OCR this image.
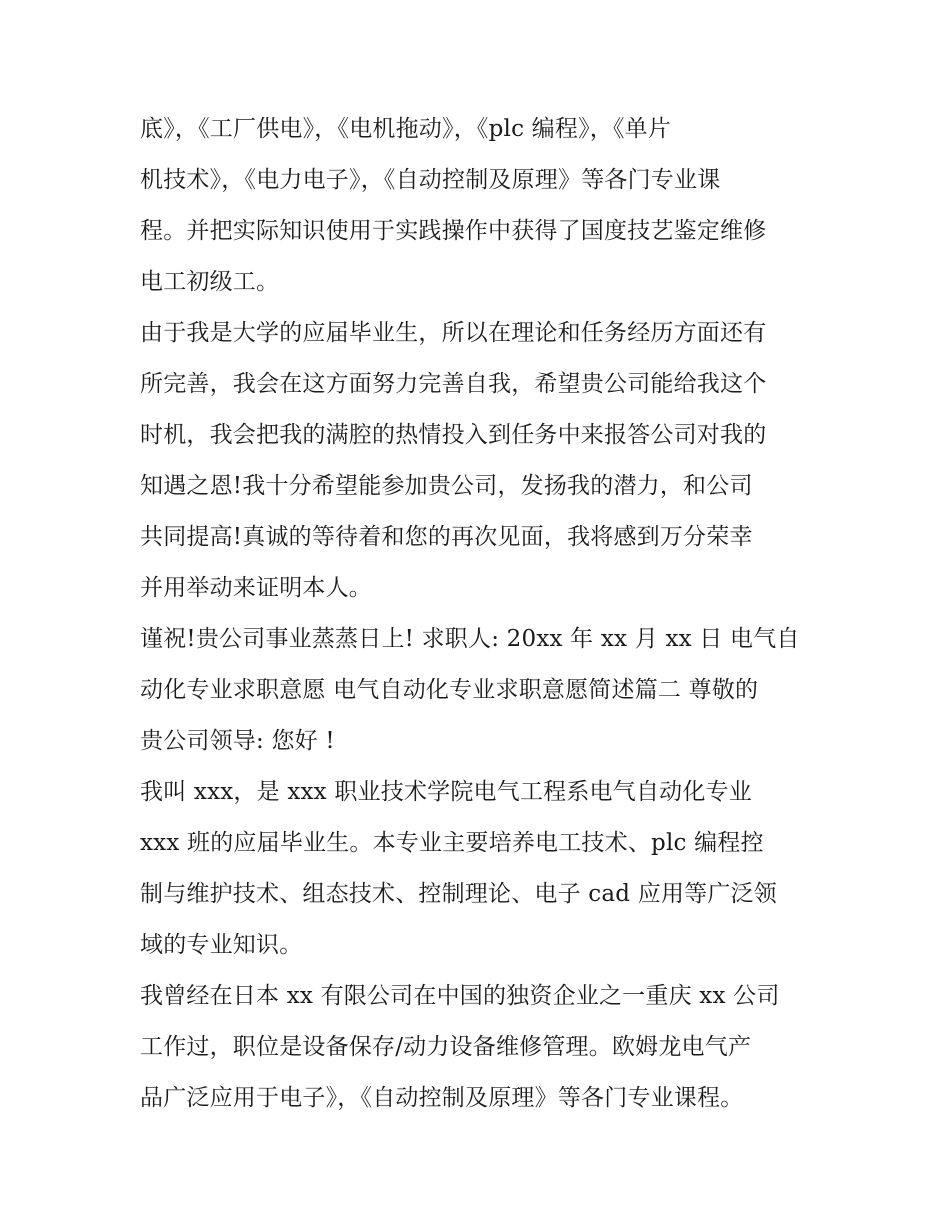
底》，《工厂供电》，《电机拖动》，《plc 编程》，《单片
机技术》，《电力电子》，《自动控制及原理》等各门专业课
程。并把实际知识使用于实践操作中获得了国度技艺鉴定维修
电工初级工。
由于我是大学的应届毕业生，所以在理论和任务经历方面还有
所完善，我会在这方面努力完善自我，希望贵公司能给我这个
时机，我会把我的满腔的热情投入到任务中来报答公司对我的
知遇之恩!我十分希望能参加贵公司，发扬我的潜力，和公司
共同提高!真诚的等待着和您的再次见面，我将感到万分荣幸
并用举动来证明本人。
谨祝!贵公司事业蒸蒸日上! 求职人: 20xx 年 xx 月 xx 日 电气自
动化专业求职意愿 电气自动化专业求职意愿简述篇二 尊敬的
贵公司领导: 您好 !
我叫 xxx，是 xxx 职业技术学院电气工程系电气自动化专业
xxx 班的应届毕业生。本专业主要培养电工技术、plc 编程控
制与维护技术、组态技术、控制理论、电子 cad 应用等广泛领
域的专业知识。
我曾经在日本 xx 有限公司在中国的独资企业之一重庆 xx 公司
工作过，职位是设备保存/动力设备维修管理。欧姆龙电气产
品广泛应用于电子》，《自动控制及原理》等各门专业课程。
